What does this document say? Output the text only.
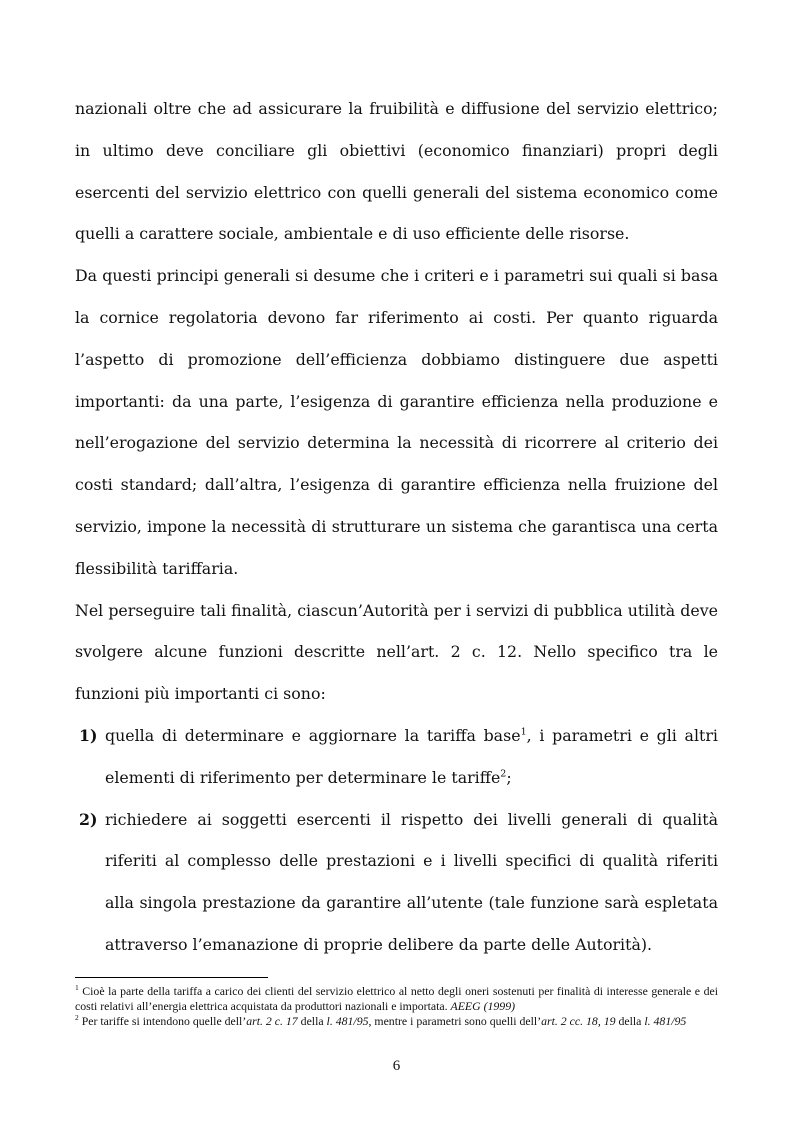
nazionali oltre che ad assicurare la fruibilità e diffusione del servizio elettrico; in ultimo deve conciliare gli obiettivi (economico finanziari) propri degli esercenti del servizio elettrico con quelli generali del sistema economico come quelli a carattere sociale, ambientale e di uso efficiente delle risorse.

Da questi principi generali si desume che i criteri e i parametri sui quali si basa la cornice regolatoria devono far riferimento ai costi. Per quanto riguarda l’aspetto di promozione dell’efficienza dobbiamo distinguere due aspetti importanti: da una parte, l’esigenza di garantire efficienza nella produzione e nell’erogazione del servizio determina la necessità di ricorrere al criterio dei costi standard; dall’altra, l’esigenza di garantire efficienza nella fruizione del servizio, impone la necessità di strutturare un sistema che garantisca una certa flessibilità tariffaria.

Nel perseguire tali finalità, ciascun’Autorità per i servizi di pubblica utilità deve svolgere alcune funzioni descritte nell’art. 2 c. 12. Nello specifico tra le funzioni più importanti ci sono:

1) quella di determinare e aggiornare la tariffa base$^1$, i parametri e gli altri elementi di riferimento per determinare le tariffe$^2$;
2) richiedere ai soggetti esercenti il rispetto dei livelli generali di qualità riferiti al complesso delle prestazioni e i livelli specifici di qualità riferiti alla singola prestazione da garantire all’utente (tale funzione sarà espletata attraverso l’emanazione di proprie delibere da parte delle Autorità).

$^1$ Cioè la parte della tariffa a carico dei clienti del servizio elettrico al netto degli oneri sostenuti per finalità di interesse generale e dei costi relativi all’energia elettrica acquistata da produttori nazionali e importata. AEEG (1999)

$^2$ Per tariffe si intendono quelle dell’art. 2 c. 17 della l. 481/95, mentre i parametri sono quelli dell’art. 2 cc. 18, 19 della l. 481/95

6
